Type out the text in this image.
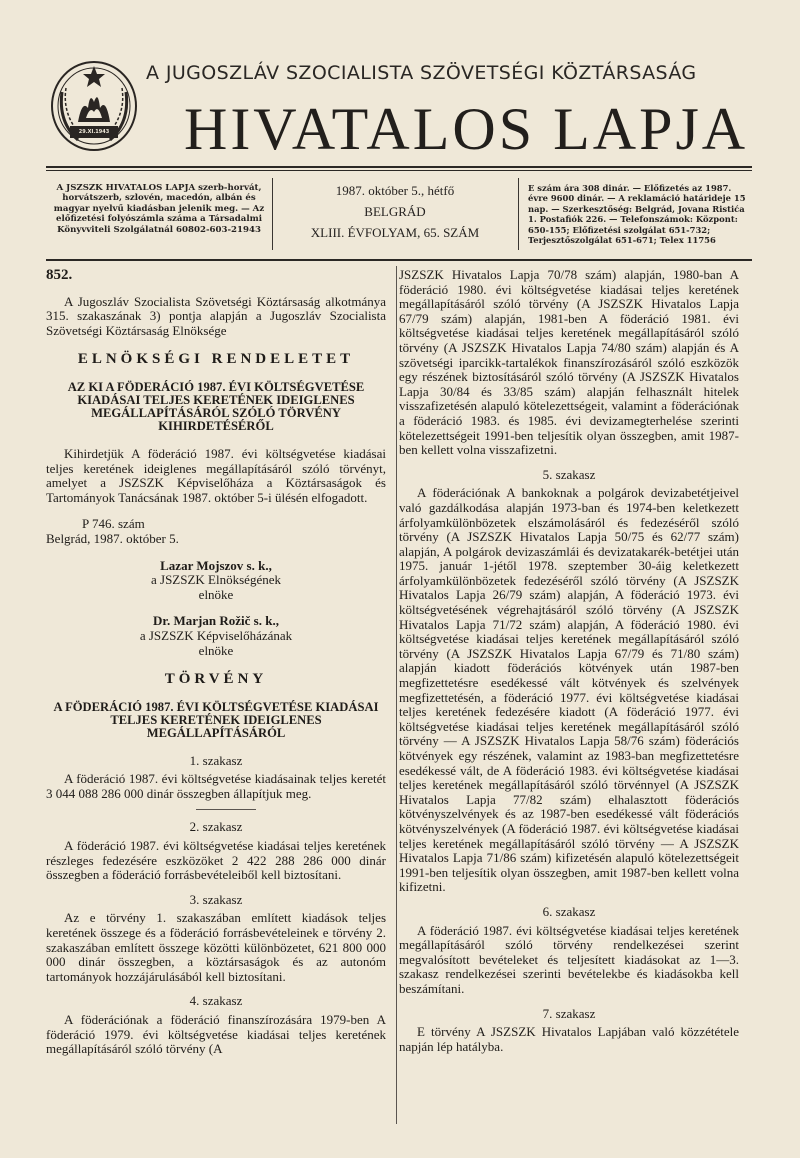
29.XI.1943
A JUGOSZLÁV SZOCIALISTA SZÖVETSÉGI KÖZTÁRSASÁG
HIVATALOS LAPJA
A JSZSZK HIVATALOS LAPJA szerb-horvát, horvátszerb, szlovén, macedón, albán és magyar nyelvű kiadásban jelenik meg. — Az előfizetési folyószámla száma a Társadalmi Könyvviteli Szolgálatnál 60802-603-21943
1987. október 5., hétfő
BELGRÁD
XLIII. ÉVFOLYAM, 65. SZÁM
E szám ára 308 dinár. — Előfizetés az 1987. évre 9600 dinár. — A reklamáció határideje 15 nap. — Szerkesztőség: Belgrád, Jovana Ristića 1. Postafiók 226. — Telefonszámok: Központ: 650-155; Előfizetési szolgálat 651-732; Terjesztőszolgálat 651-671; Telex 11756

852.

A Jugoszláv Szocialista Szövetségi Köztársaság alkotmánya 315. szakaszának 3) pontja alapján a Jugoszláv Szocialista Szövetségi Köztársaság Elnöksége

ELNÖKSÉGI RENDELETET

AZ KI A FÖDERÁCIÓ 1987. ÉVI KÖLTSÉGVETÉSE KIADÁSAI TELJES KERETÉNEK IDEIGLENES MEGÁLLAPÍTÁSÁRÓL SZÓLÓ TÖRVÉNY KIHIRDETÉSÉRŐL

Kihirdetjük A föderáció 1987. évi költségvetése kiadásai teljes keretének ideiglenes megállapításáról szóló törvényt, amelyet a JSZSZK Képviselőháza a Köztársaságok és Tartományok Tanácsának 1987. október 5-i ülésén elfogadott.

P 746. szám

Belgrád, 1987. október 5.

Lazar Mojszov s. k.,

a JSZSZK Elnökségének

elnöke

Dr. Marjan Rožič s. k.,

a JSZSZK Képviselőházának

elnöke

TÖRVÉNY

A FÖDERÁCIÓ 1987. ÉVI KÖLTSÉGVETÉSE KIADÁSAI TELJES KERETÉNEK IDEIGLENES MEGÁLLAPÍTÁSÁRÓL

1. szakasz

A föderáció 1987. évi költségvetése kiadásainak teljes keretét 3 044 088 286 000 dinár összegben állapítjuk meg.

2. szakasz

A föderáció 1987. évi költségvetése kiadásai teljes keretének részleges fedezésére eszközöket 2 422 288 286 000 dinár összegben a föderáció forrásbevételeiből kell biztosítani.

3. szakasz

Az e törvény 1. szakaszában említett kiadások teljes keretének összege és a föderáció forrásbevételeinek e törvény 2. szakaszában említett összege közötti különbözetet, 621 800 000 000 dinár összegben, a köztársaságok és az autonóm tartományok hozzájárulásából kell biztosítani.

4. szakasz

A föderációnak a föderáció finanszírozására 1979-ben A föderáció 1979. évi költségvetése kiadásai teljes keretének megállapításáról szóló törvény (A

JSZSZK Hivatalos Lapja 70/78 szám) alapján, 1980-ban A föderáció 1980. évi költségvetése kiadásai teljes keretének megállapításáról szóló törvény (A JSZSZK Hivatalos Lapja 67/79 szám) alapján, 1981-ben A föderáció 1981. évi költségvetése kiadásai teljes keretének megállapításáról szóló törvény (A JSZSZK Hivatalos Lapja 74/80 szám) alapján és A szövetségi iparcikk-tartalékok finanszírozásáról szóló eszközök egy részének biztosításáról szóló törvény (A JSZSZK Hivatalos Lapja 30/84 és 33/85 szám) alapján felhasznált hitelek visszafizetésén alapuló kötelezettségeit, valamint a föderációnak a föderáció 1983. és 1985. évi devizamegterhelése szerinti kötelezettségeit 1991-ben teljesítik olyan összegben, amit 1987-ben kellett volna visszafizetni.

5. szakasz

A föderációnak A bankoknak a polgárok devizabetétjeivel való gazdálkodása alapján 1973-ban és 1974-ben keletkezett árfolyamkülönbözetek elszámolásáról és fedezéséről szóló törvény (A JSZSZK Hivatalos Lapja 50/75 és 62/77 szám) alapján, A polgárok devizaszámlái és devizatakarék-betétjei után 1975. január 1-jétől 1978. szeptember 30-áig keletkezett árfolyamkülönbözetek fedezéséről szóló törvény (A JSZSZK Hivatalos Lapja 26/79 szám) alapján, A föderáció 1973. évi költségvetésének végrehajtásáról szóló törvény (A JSZSZK Hivatalos Lapja 71/72 szám) alapján, A föderáció 1980. évi költségvetése kiadásai teljes keretének megállapításáról szóló törvény (A JSZSZK Hivatalos Lapja 67/79 és 71/80 szám) alapján kiadott föderációs kötvények után 1987-ben megfizettetésre esedékessé vált kötvények és szelvények megfizettetésén, a föderáció 1977. évi költségvetése kiadásai teljes keretének fedezésére kiadott (A föderáció 1977. évi költségvetése kiadásai teljes keretének megállapításáról szóló törvény — A JSZSZK Hivatalos Lapja 58/76 szám) föderációs kötvények egy részének, valamint az 1983-ban megfizettetésre esedékessé vált, de A föderáció 1983. évi költségvetése kiadásai teljes keretének megállapításáról szóló törvénnyel (A JSZSZK Hivatalos Lapja 77/82 szám) elhalasztott föderációs kötvényszelvények és az 1987-ben esedékessé vált föderációs kötvényszelvények (A föderáció 1987. évi költségvetése kiadásai teljes keretének megállapításáról szóló törvény — A JSZSZK Hivatalos Lapja 71/86 szám) kifizetésén alapuló kötelezettségeit 1991-ben teljesítik olyan összegben, amit 1987-ben kellett volna kifizetni.

6. szakasz

A föderáció 1987. évi költségvetése kiadásai teljes keretének megállapításáról szóló törvény rendelkezései szerint megvalósított bevételeket és teljesített kiadásokat az 1—3. szakasz rendelkezései szerinti bevételekbe és kiadásokba kell beszámítani.

7. szakasz

E törvény A JSZSZK Hivatalos Lapjában való közzététele napján lép hatályba.
